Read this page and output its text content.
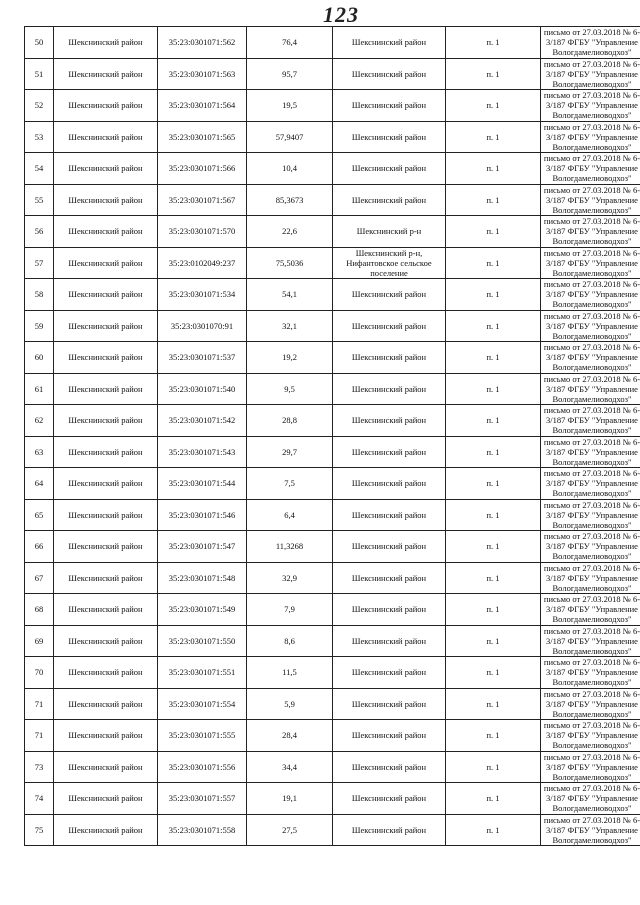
123
50	Шекснинский район	35:23:0301071:562	76,4	Шекснинский район	п. 1	письмо от 27.03.2018 № 6-3/187 ФГБУ "Управление Вологдамелиоводхоз"
51	Шекснинский район	35:23:0301071:563	95,7	Шекснинский район	п. 1	письмо от 27.03.2018 № 6-3/187 ФГБУ "Управление Вологдамелиоводхоз"
52	Шекснинский район	35:23:0301071:564	19,5	Шекснинский район	п. 1	письмо от 27.03.2018 № 6-3/187 ФГБУ "Управление Вологдамелиоводхоз"
53	Шекснинский район	35:23:0301071:565	57,9407	Шекснинский район	п. 1	письмо от 27.03.2018 № 6-3/187 ФГБУ "Управление Вологдамелиоводхоз"
54	Шекснинский район	35:23:0301071:566	10,4	Шекснинский район	п. 1	письмо от 27.03.2018 № 6-3/187 ФГБУ "Управление Вологдамелиоводхоз"
55	Шекснинский район	35:23:0301071:567	85,3673	Шекснинский район	п. 1	письмо от 27.03.2018 № 6-3/187 ФГБУ "Управление Вологдамелиоводхоз"
56	Шекснинский район	35:23:0301071:570	22,6	Шекснинский р-н	п. 1	письмо от 27.03.2018 № 6-3/187 ФГБУ "Управление Вологдамелиоводхоз"
57	Шекснинский район	35:23:0102049:237	75,5036	Шекснинский р-н, Нифантовское сельское поселение	п. 1	письмо от 27.03.2018 № 6-3/187 ФГБУ "Управление Вологдамелиоводхоз"
58	Шекснинский район	35:23:0301071:534	54,1	Шекснинский район	п. 1	письмо от 27.03.2018 № 6-3/187 ФГБУ "Управление Вологдамелиоводхоз"
59	Шекснинский район	35:23:0301070:91	32,1	Шекснинский район	п. 1	письмо от 27.03.2018 № 6-3/187 ФГБУ "Управление Вологдамелиоводхоз"
60	Шекснинский район	35:23:0301071:537	19,2	Шекснинский район	п. 1	письмо от 27.03.2018 № 6-3/187 ФГБУ "Управление Вологдамелиоводхоз"
61	Шекснинский район	35:23:0301071:540	9,5	Шекснинский район	п. 1	письмо от 27.03.2018 № 6-3/187 ФГБУ "Управление Вологдамелиоводхоз"
62	Шекснинский район	35:23:0301071:542	28,8	Шекснинский район	п. 1	письмо от 27.03.2018 № 6-3/187 ФГБУ "Управление Вологдамелиоводхоз"
63	Шекснинский район	35:23:0301071:543	29,7	Шекснинский район	п. 1	письмо от 27.03.2018 № 6-3/187 ФГБУ "Управление Вологдамелиоводхоз"
64	Шекснинский район	35:23:0301071:544	7,5	Шекснинский район	п. 1	письмо от 27.03.2018 № 6-3/187 ФГБУ "Управление Вологдамелиоводхоз"
65	Шекснинский район	35:23:0301071:546	6,4	Шекснинский район	п. 1	письмо от 27.03.2018 № 6-3/187 ФГБУ "Управление Вологдамелиоводхоз"
66	Шекснинский район	35:23:0301071:547	11,3268	Шекснинский район	п. 1	письмо от 27.03.2018 № 6-3/187 ФГБУ "Управление Вологдамелиоводхоз"
67	Шекснинский район	35:23:0301071:548	32,9	Шекснинский район	п. 1	письмо от 27.03.2018 № 6-3/187 ФГБУ "Управление Вологдамелиоводхоз"
68	Шекснинский район	35:23:0301071:549	7,9	Шекснинский район	п. 1	письмо от 27.03.2018 № 6-3/187 ФГБУ "Управление Вологдамелиоводхоз"
69	Шекснинский район	35:23:0301071:550	8,6	Шекснинский район	п. 1	письмо от 27.03.2018 № 6-3/187 ФГБУ "Управление Вологдамелиоводхоз"
70	Шекснинский район	35:23:0301071:551	11,5	Шекснинский район	п. 1	письмо от 27.03.2018 № 6-3/187 ФГБУ "Управление Вологдамелиоводхоз"
71	Шекснинский район	35:23:0301071:554	5,9	Шекснинский район	п. 1	письмо от 27.03.2018 № 6-3/187 ФГБУ "Управление Вологдамелиоводхоз"
71	Шекснинский район	35:23:0301071:555	28,4	Шекснинский район	п. 1	письмо от 27.03.2018 № 6-3/187 ФГБУ "Управление Вологдамелиоводхоз"
73	Шекснинский район	35:23:0301071:556	34,4	Шекснинский район	п. 1	письмо от 27.03.2018 № 6-3/187 ФГБУ "Управление Вологдамелиоводхоз"
74	Шекснинский район	35:23:0301071:557	19,1	Шекснинский район	п. 1	письмо от 27.03.2018 № 6-3/187 ФГБУ "Управление Вологдамелиоводхоз"
75	Шекснинский район	35:23:0301071:558	27,5	Шекснинский район	п. 1	письмо от 27.03.2018 № 6-3/187 ФГБУ "Управление Вологдамелиоводхоз"
